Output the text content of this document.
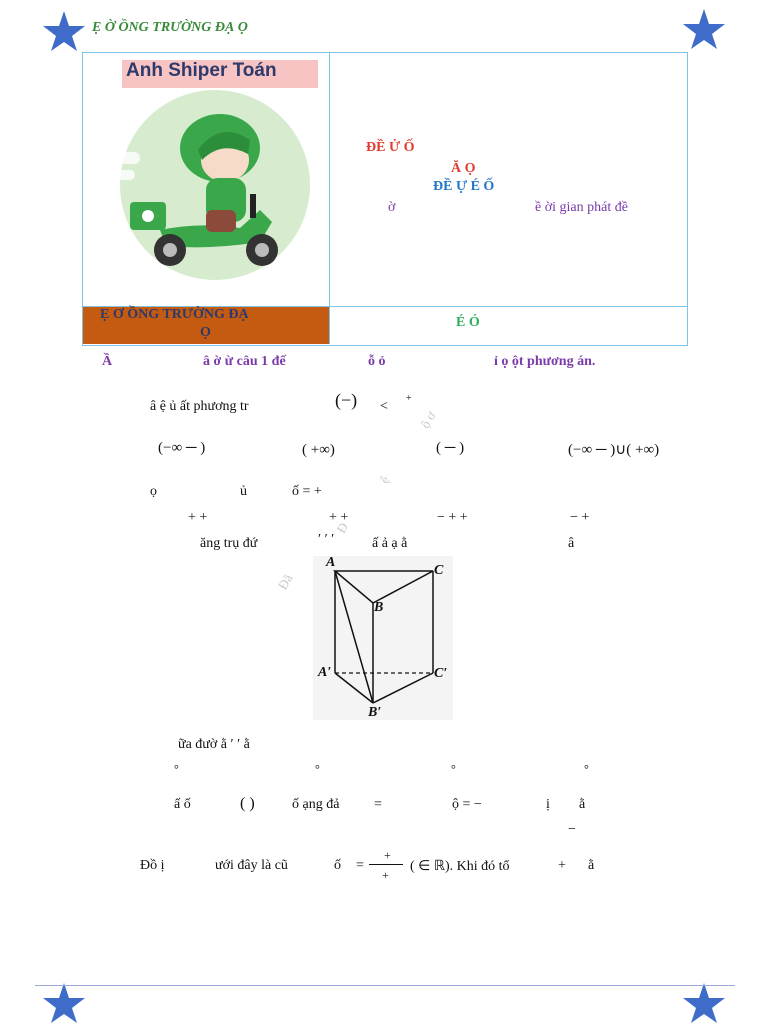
Ẹ Ờ ỒNG TRƯỜNG ĐẠ Ọ
Anh Shiper Toán
ĐỀ Ử Ố
Ă Ọ
ĐỀ Ự É Ố
ờ	ề ời gian phát đề
Ẹ Ơ ỒNG TRƯỜNG ĐẠ
Ọ
É Ó
Ầ	â ờ ừ câu 1 đế	ỗ ỏ	ỉ ọ ột phương án.
â ệ ủ ất phương tr	(−) <
+
(−∞ ─ )	( +∞)	( ─ )	(−∞ ─ )∪( +∞)
ọ	ủ	ố = +
+ +	+ +	− + +	− +
ăng trụ đứ	′ ′ ′	ấ ả ạ ằ	â
A
C
B
A′	C′
B′
ữa đườ ằ ′ ′ ằ
°	°	°	°
ấ ố	( )	ố ạng đả =	ộ = −	ị ằ
−
Đồ ị	ưới đây là cũ	ố =
+
+
( ∈ ℝ). Khi đó tổ	+ ằ
Đã
ộ ơ
ệ
Đ
